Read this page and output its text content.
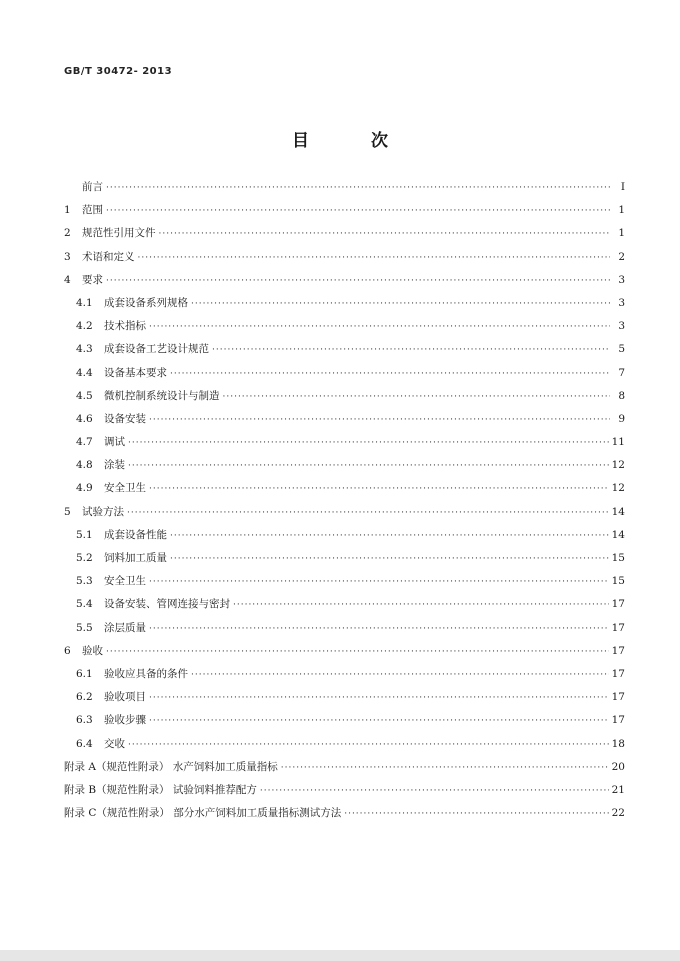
GB/T 30472- 2013
目 次
前言 ·····	Ⅰ
1	范围 ·····	1
2	规范性引用文件 ·····	1
3	术语和定义 ·····	2
4	要求 ·····	3
4.1	成套设备系列规格 ·····	3
4.2	技术指标 ·····	3
4.3	成套设备工艺设计规范 ·····	5
4.4	设备基本要求 ·····	7
4.5	微机控制系统设计与制造 ·····	8
4.6	设备安装 ·····	9
4.7	调试 ·····	11
4.8	涂装 ·····	12
4.9	安全卫生 ·····	12
5	试验方法 ·····	14
5.1	成套设备性能 ·····	14
5.2	饲料加工质量 ·····	15
5.3	安全卫生 ·····	15
5.4	设备安装、管网连接与密封 ·····	17
5.5	涂层质量 ·····	17
6	验收 ·····	17
6.1	验收应具备的条件 ·····	17
6.2	验收项目 ·····	17
6.3	验收步骤 ·····	17
6.4	交收 ·····	18
附录 A（规范性附录） 水产饲料加工质量指标 ·····	20
附录 B（规范性附录） 试验饲料推荐配方 ·····	21
附录 C（规范性附录） 部分水产饲料加工质量指标测试方法 ·····	22
